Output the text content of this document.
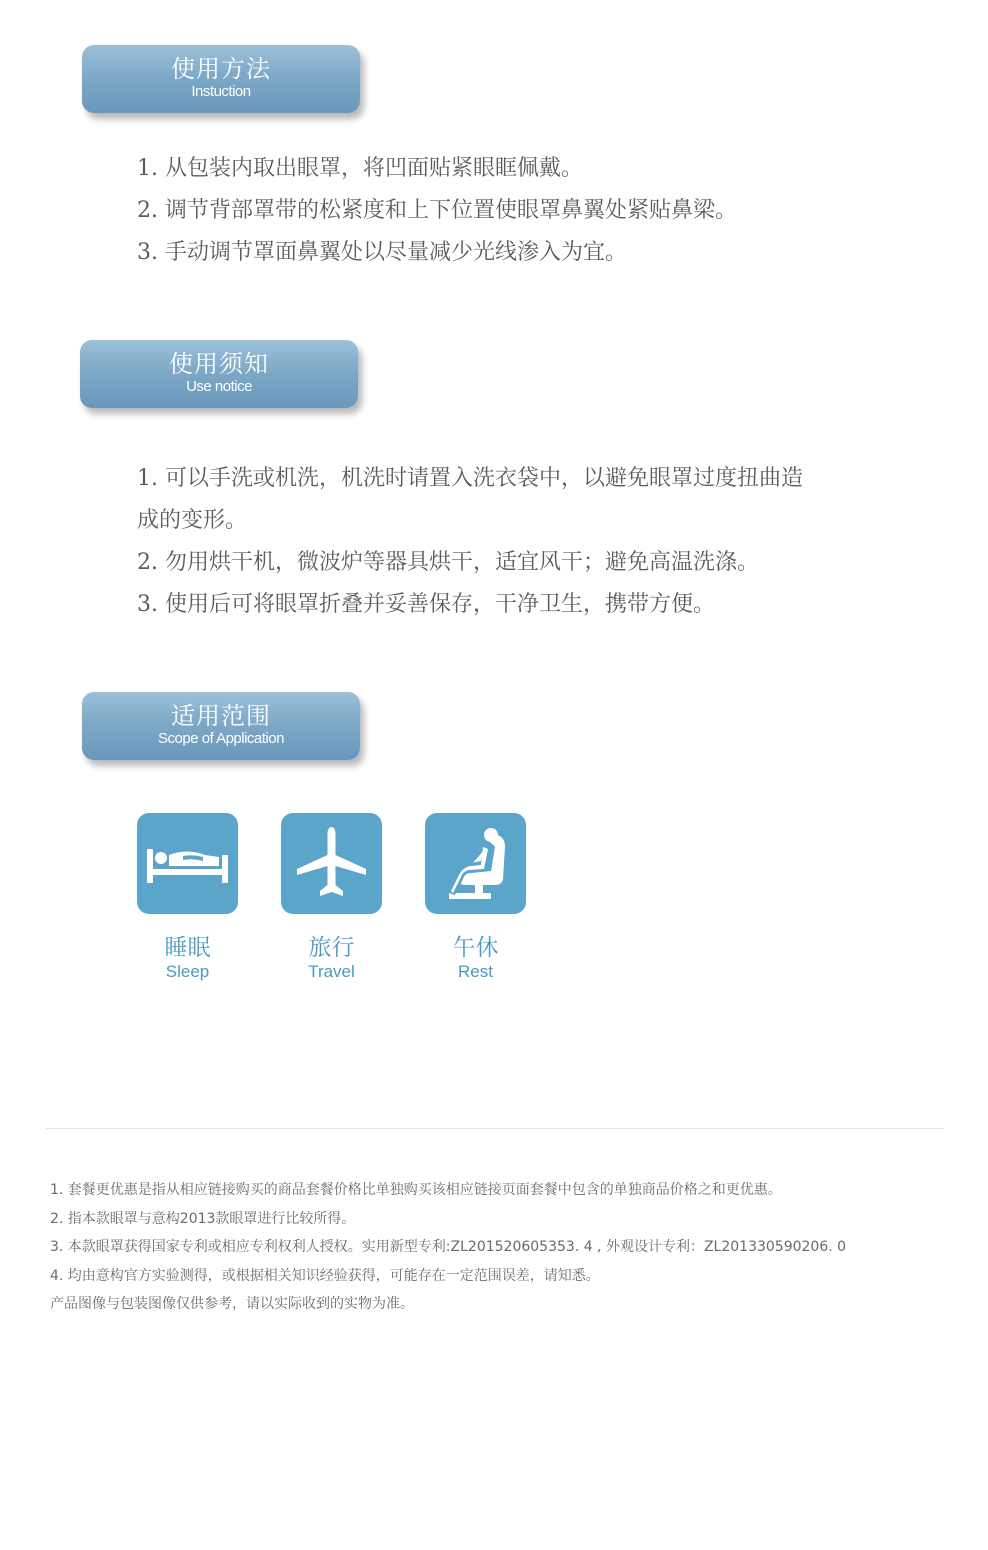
使用方法
Instuction
1. 从包装内取出眼罩，将凹面贴紧眼眶佩戴。
2. 调节背部罩带的松紧度和上下位置使眼罩鼻翼处紧贴鼻梁。
3. 手动调节罩面鼻翼处以尽量减少光线渗入为宜。
使用须知
Use notice
1. 可以手洗或机洗，机洗时请置入洗衣袋中，以避免眼罩过度扭曲造
成的变形。
2. 勿用烘干机，微波炉等器具烘干，适宜风干；避免高温洗涤。
3. 使用后可将眼罩折叠并妥善保存，干净卫生，携带方便。
适用范围
Scope of Application
睡眠
Sleep
旅行
Travel
午休
Rest
1. 套餐更优惠是指从相应链接购买的商品套餐价格比单独购买该相应链接页面套餐中包含的单独商品价格之和更优惠。
2. 指本款眼罩与意构2013款眼罩进行比较所得。
3. 本款眼罩获得国家专利或相应专利权利人授权。实用新型专利:ZL201520605353. 4 , 外观设计专利：ZL201330590206. 0
4. 均由意构官方实验测得，或根据相关知识经验获得，可能存在一定范围误差，请知悉。
产品图像与包装图像仅供参考，请以实际收到的实物为准。
